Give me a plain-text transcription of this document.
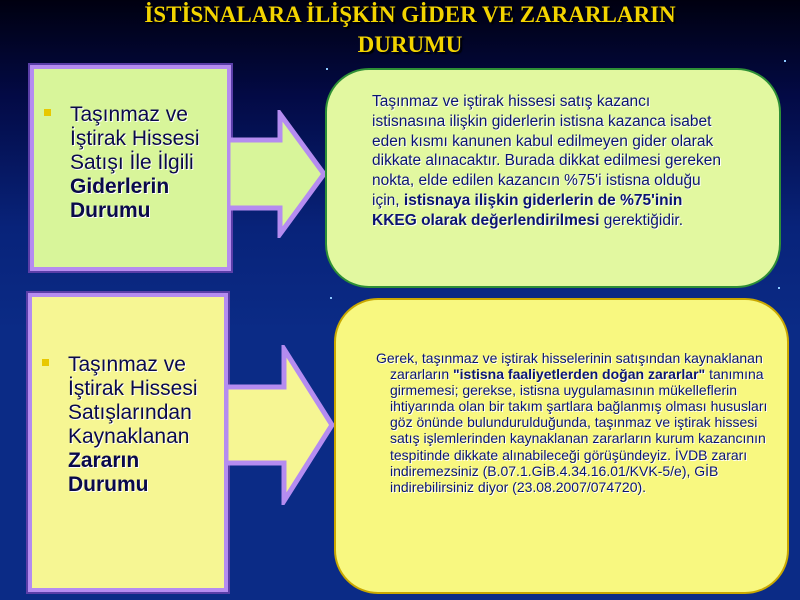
İSTİSNALARA İLİŞKİN GİDER VE ZARARLARIN
DURUMU
Taşınmaz ve İştirak Hissesi Satışı İle İlgili Giderlerin Durumu
Taşınmaz ve iştirak hissesi satış kazancı istisnasına ilişkin giderlerin istisna kazanca isabet eden kısmı kanunen kabul edilmeyen gider olarak dikkate alınacaktır. Burada dikkat edilmesi gereken nokta, elde edilen kazancın %75'i istisna olduğu için, istisnaya ilişkin giderlerin de %75'inin KKEG olarak değerlendirilmesi gerektiğidir.
Taşınmaz ve İştirak Hissesi Satışlarından Kaynaklanan Zararın Durumu
Gerek, taşınmaz ve iştirak hisselerinin satışından kaynaklanan zararların "istisna faaliyetlerden doğan zararlar" tanımına girmemesi; gerekse, istisna uygulamasının mükelleflerin ihtiyarında olan bir takım şartlara bağlanmış olması hususları göz önünde bulundurulduğunda, taşınmaz ve iştirak hissesi satış işlemlerinden kaynaklanan zararların kurum kazancının tespitinde dikkate alınabileceği görüşündeyiz. İVDB zararı indiremezsiniz (B.07.1.GİB.4.34.16.01/KVK-5/e), GİB indirebilirsiniz diyor (23.08.2007/074720).
